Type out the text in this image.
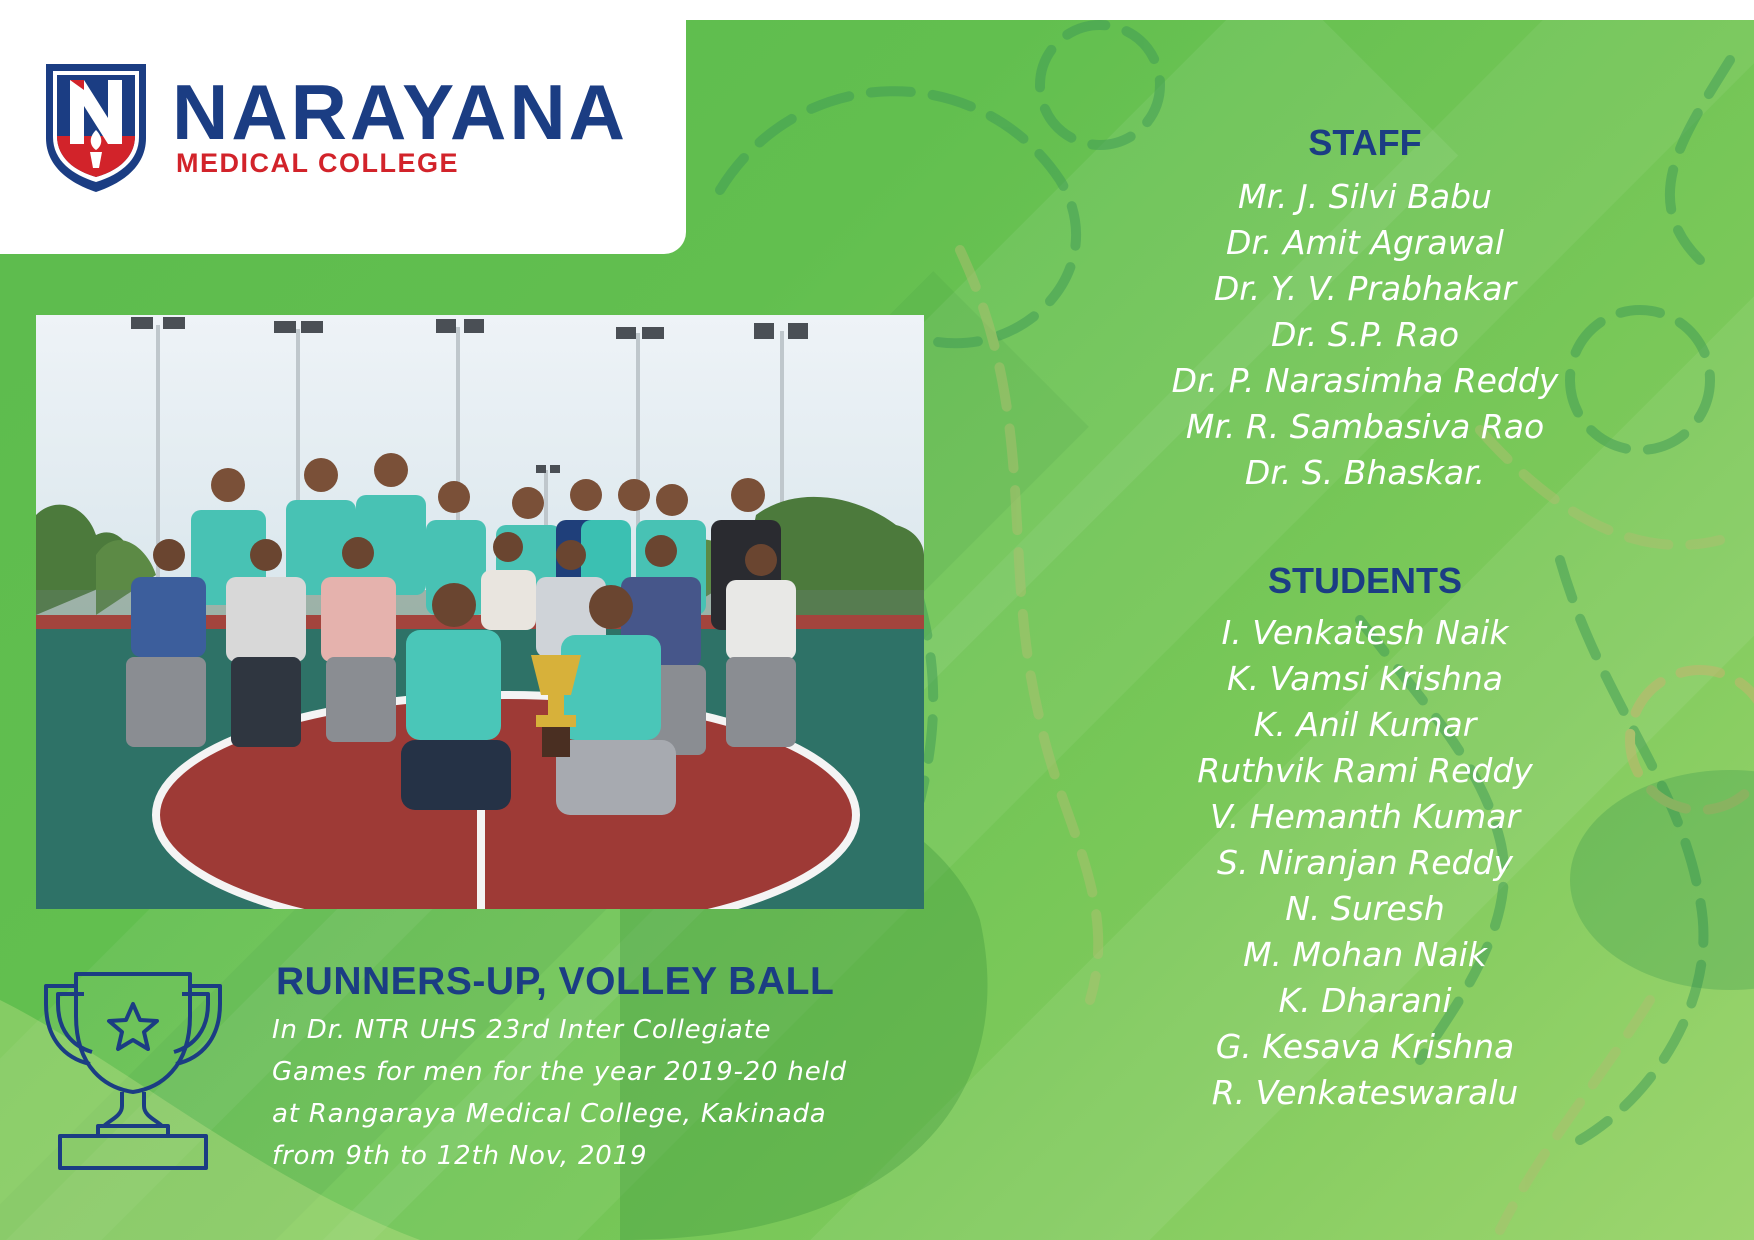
NARAYANA
MEDICAL COLLEGE
RUNNERS-UP, VOLLEY BALL
In Dr. NTR UHS 23rd Inter Collegiate
Games for men for the year 2019-20 held
at Rangaraya Medical College, Kakinada
from 9th to 12th Nov, 2019
STAFF
Mr. J. Silvi Babu
Dr. Amit Agrawal
Dr. Y. V. Prabhakar
Dr. S.P. Rao
Dr. P. Narasimha Reddy
Mr. R. Sambasiva Rao
Dr. S. Bhaskar.
STUDENTS
I. Venkatesh Naik
K. Vamsi Krishna
K. Anil Kumar
Ruthvik Rami Reddy
V. Hemanth Kumar
S. Niranjan Reddy
N. Suresh
M. Mohan Naik
K. Dharani
G. Kesava Krishna
R. Venkateswaralu
